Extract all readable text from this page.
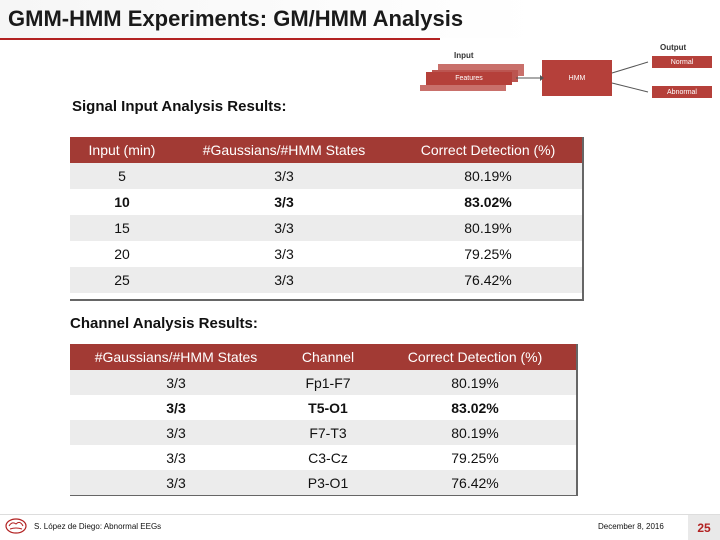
GMM-HMM Experiments: GM/HMM Analysis
Input
Features	HMM
Output
Normal
Abnormal
Signal Input Analysis Results:
Input (min)	#Gaussians/#HMM States	Correct Detection (%)
5	3/3	80.19%
10	3/3	83.02%
15	3/3	80.19%
20	3/3	79.25%
25	3/3	76.42%
Channel Analysis Results:
#Gaussians/#HMM States	Channel	Correct Detection (%)
3/3	Fp1-F7	80.19%
3/3	T5-O1	83.02%
3/3	F7-T3	80.19%
3/3	C3-Cz	79.25%
3/3	P3-O1	76.42%
S. López de Diego: Abnormal EEGs	December 8, 2016	25
